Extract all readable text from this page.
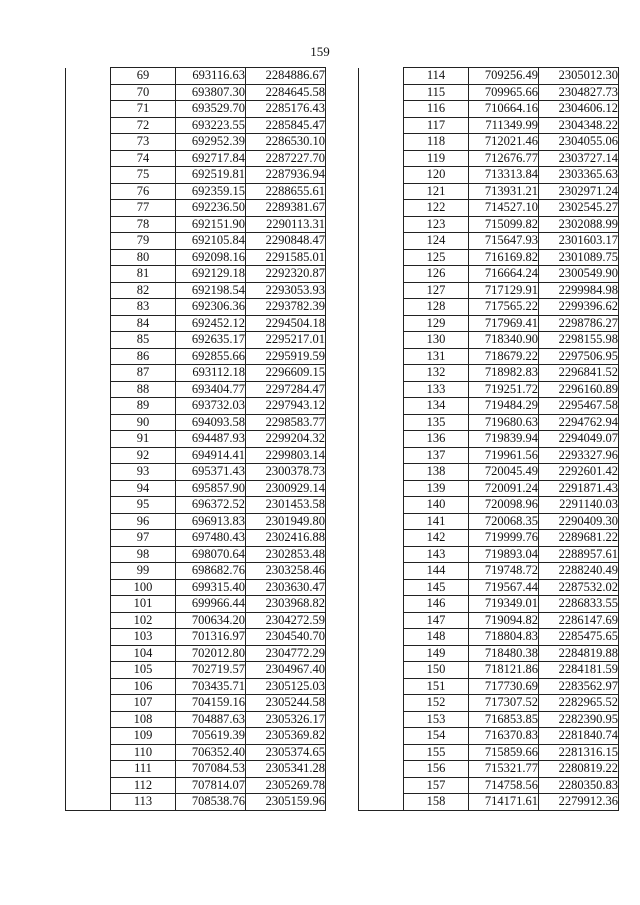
159
	69	693116.63	2284886.67
	70	693807.30	2284645.58
	71	693529.70	2285176.43
	72	693223.55	2285845.47
	73	692952.39	2286530.10
	74	692717.84	2287227.70
	75	692519.81	2287936.94
	76	692359.15	2288655.61
	77	692236.50	2289381.67
	78	692151.90	2290113.31
	79	692105.84	2290848.47
	80	692098.16	2291585.01
	81	692129.18	2292320.87
	82	692198.54	2293053.93
	83	692306.36	2293782.39
	84	692452.12	2294504.18
	85	692635.17	2295217.01
	86	692855.66	2295919.59
	87	693112.18	2296609.15
	88	693404.77	2297284.47
	89	693732.03	2297943.12
	90	694093.58	2298583.77
	91	694487.93	2299204.32
	92	694914.41	2299803.14
	93	695371.43	2300378.73
	94	695857.90	2300929.14
	95	696372.52	2301453.58
	96	696913.83	2301949.80
	97	697480.43	2302416.88
	98	698070.64	2302853.48
	99	698682.76	2303258.46
	100	699315.40	2303630.47
	101	699966.44	2303968.82
	102	700634.20	2304272.59
	103	701316.97	2304540.70
	104	702012.80	2304772.29
	105	702719.57	2304967.40
	106	703435.71	2305125.03
	107	704159.16	2305244.58
	108	704887.63	2305326.17
	109	705619.39	2305369.82
	110	706352.40	2305374.65
	111	707084.53	2305341.28
	112	707814.07	2305269.78
	113	708538.76	2305159.96
	114	709256.49	2305012.30
	115	709965.66	2304827.73
	116	710664.16	2304606.12
	117	711349.99	2304348.22
	118	712021.46	2304055.06
	119	712676.77	2303727.14
	120	713313.84	2303365.63
	121	713931.21	2302971.24
	122	714527.10	2302545.27
	123	715099.82	2302088.99
	124	715647.93	2301603.17
	125	716169.82	2301089.75
	126	716664.24	2300549.90
	127	717129.91	2299984.98
	128	717565.22	2299396.62
	129	717969.41	2298786.27
	130	718340.90	2298155.98
	131	718679.22	2297506.95
	132	718982.83	2296841.52
	133	719251.72	2296160.89
	134	719484.29	2295467.58
	135	719680.63	2294762.94
	136	719839.94	2294049.07
	137	719961.56	2293327.96
	138	720045.49	2292601.42
	139	720091.24	2291871.43
	140	720098.96	2291140.03
	141	720068.35	2290409.30
	142	719999.76	2289681.22
	143	719893.04	2288957.61
	144	719748.72	2288240.49
	145	719567.44	2287532.02
	146	719349.01	2286833.55
	147	719094.82	2286147.69
	148	718804.83	2285475.65
	149	718480.38	2284819.88
	150	718121.86	2284181.59
	151	717730.69	2283562.97
	152	717307.52	2282965.52
	153	716853.85	2282390.95
	154	716370.83	2281840.74
	155	715859.66	2281316.15
	156	715321.77	2280819.22
	157	714758.56	2280350.83
	158	714171.61	2279912.36
